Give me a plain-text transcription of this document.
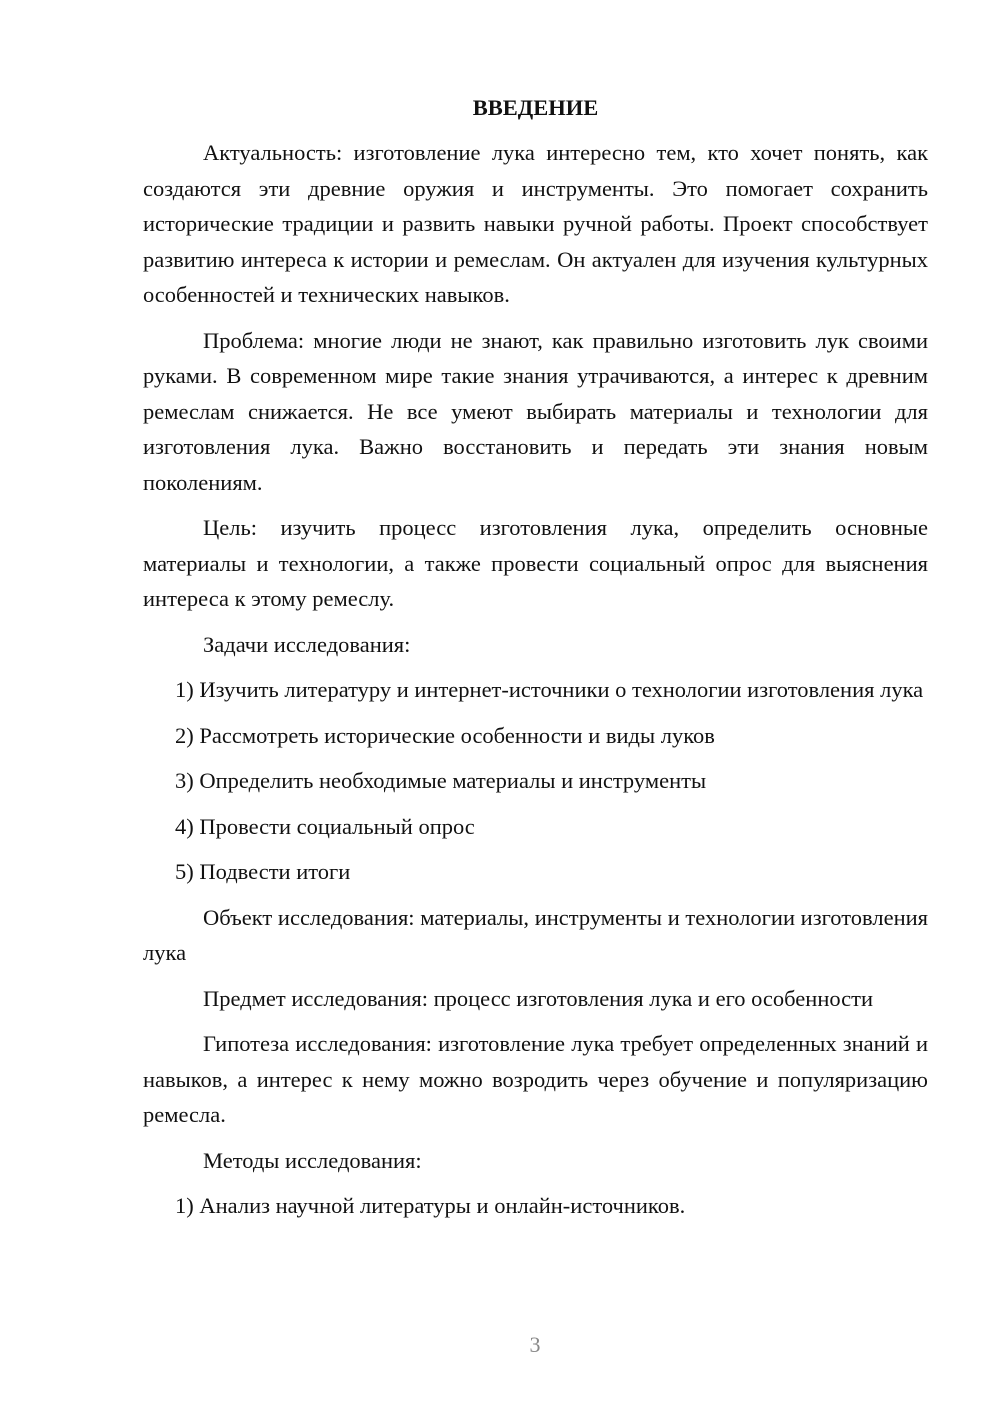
ВВЕДЕНИЕ

Актуальность: изготовление лука интересно тем, кто хочет понять, как создаются эти древние оружия и инструменты. Это помогает сохранить исторические традиции и развить навыки ручной работы. Проект способствует развитию интереса к истории и ремеслам. Он актуален для изучения культурных особенностей и технических навыков.

Проблема: многие люди не знают, как правильно изготовить лук своими руками. В современном мире такие знания утрачиваются, а интерес к древним ремеслам снижается. Не все умеют выбирать материалы и технологии для изготовления лука. Важно восстановить и передать эти знания новым поколениям.

Цель: изучить процесс изготовления лука, определить основные материалы и технологии, а также провести социальный опрос для выяснения интереса к этому ремеслу.

Задачи исследования:

1) Изучить литературу и интернет-источники о технологии изготовления лука

2) Рассмотреть исторические особенности и виды луков

3) Определить необходимые материалы и инструменты

4) Провести социальный опрос

5) Подвести итоги

Объект исследования: материалы, инструменты и технологии изготовления лука

Предмет исследования: процесс изготовления лука и его особенности

Гипотеза исследования: изготовление лука требует определенных знаний и навыков, а интерес к нему можно возродить через обучение и популяризацию ремесла.

Методы исследования:

1) Анализ научной литературы и онлайн-источников.

3
